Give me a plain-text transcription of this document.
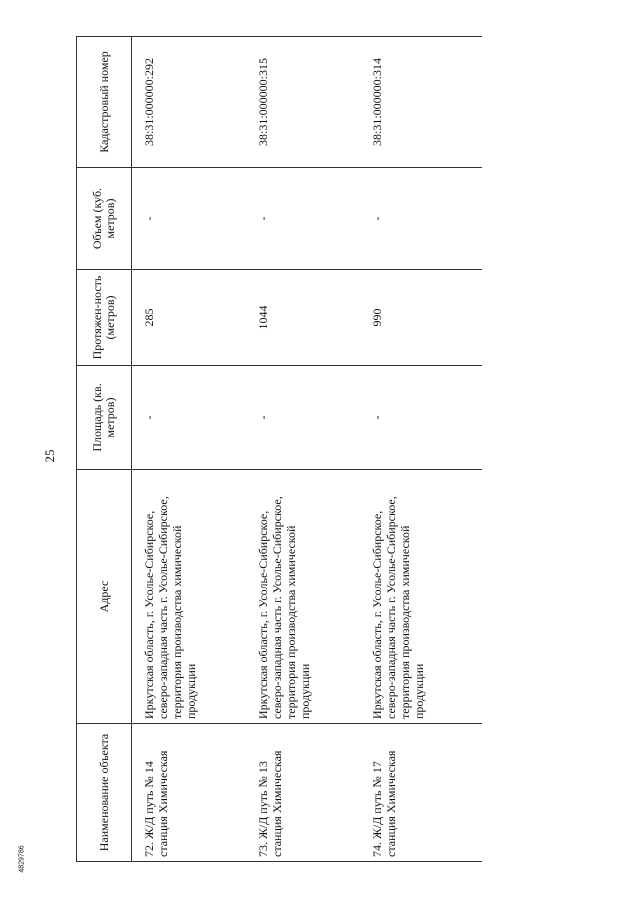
25
4829786
Наименование объекта	Адрес	Площадь (кв. метров)	Протяжен-ность (метров)	Объем (куб. метров)	Кадастровый номер

72. Ж/Д путь № 14 станция Химическая	Иркутская область, г. Усолье-Сибирское, северо-западная часть г. Усолье-Сибирское, территория производства химической продукции	-	285	-	38:31:000000:292
73. Ж/Д путь № 13 станция Химическая	Иркутская область, г. Усолье-Сибирское, северо-западная часть г. Усолье-Сибирское, территория производства химической продукции	-	1044	-	38:31:000000:315
74. Ж/Д путь № 17 станция Химическая	Иркутская область, г. Усолье-Сибирское, северо-западная часть г. Усолье-Сибирское, территория производства химической продукции	-	990	-	38:31:000000:314
